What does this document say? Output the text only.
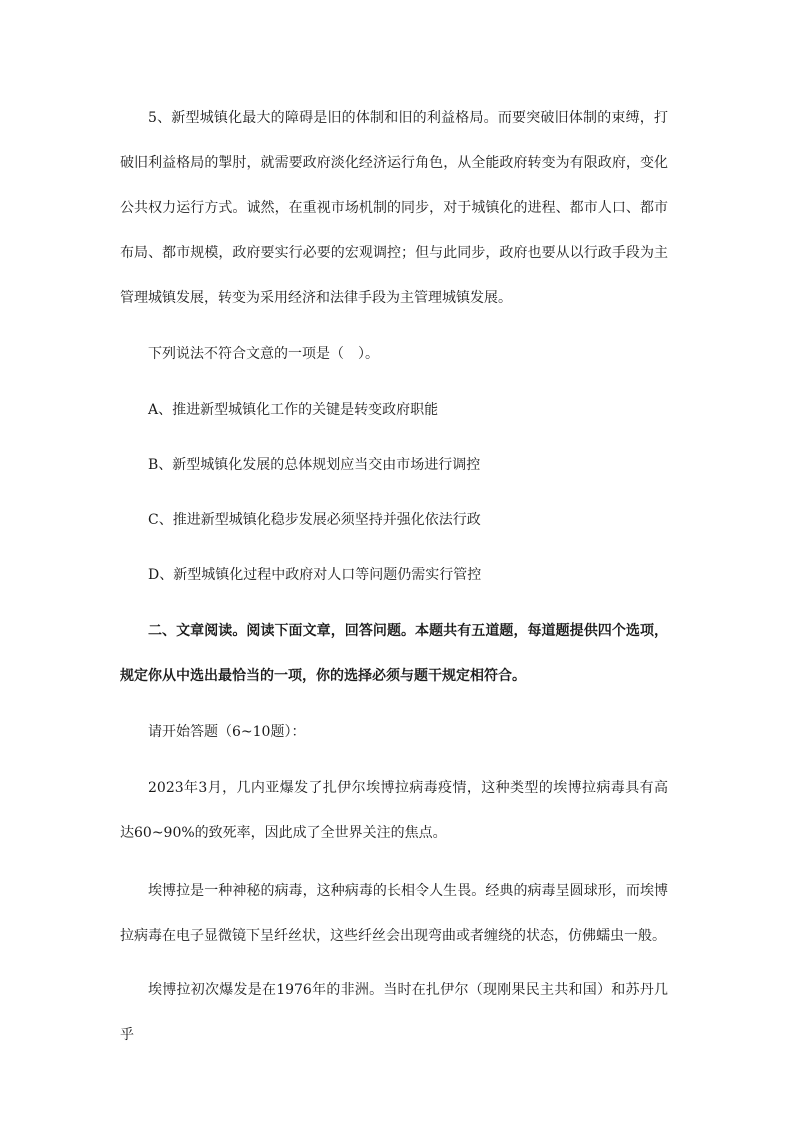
5、新型城镇化最大的障碍是旧的体制和旧的利益格局。而要突破旧体制的束缚，打破旧利益格局的掣肘，就需要政府淡化经济运行角色，从全能政府转变为有限政府，变化公共权力运行方式。诚然，在重视市场机制的同步，对于城镇化的进程、都市人口、都市布局、都市规模，政府要实行必要的宏观调控；但与此同步，政府也要从以行政手段为主管理城镇发展，转变为采用经济和法律手段为主管理城镇发展。

下列说法不符合文意的一项是（　）。

A、推进新型城镇化工作的关键是转变政府职能

B、新型城镇化发展的总体规划应当交由市场进行调控

C、推进新型城镇化稳步发展必须坚持并强化依法行政

D、新型城镇化过程中政府对人口等问题仍需实行管控

二、文章阅读。阅读下面文章，回答问题。本题共有五道题，每道题提供四个选项，规定你从中选出最恰当的一项，你的选择必须与题干规定相符合。

请开始答题（6~10题）：

2023年3月，几内亚爆发了扎伊尔埃博拉病毒疫情，这种类型的埃博拉病毒具有高达60~90%的致死率，因此成了全世界关注的焦点。

埃博拉是一种神秘的病毒，这种病毒的长相令人生畏。经典的病毒呈圆球形，而埃博拉病毒在电子显微镜下呈纤丝状，这些纤丝会出现弯曲或者缠绕的状态，仿佛蠕虫一般。

埃博拉初次爆发是在1976年的非洲。当时在扎伊尔（现刚果民主共和国）和苏丹几乎
